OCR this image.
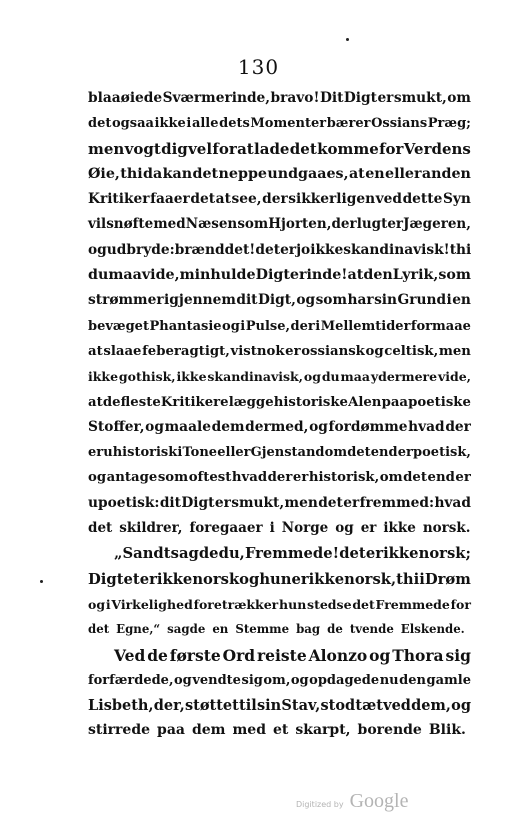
130
blaaøiede Sværmerinde, bravo! Dit Digt er smukt, om
det ogsaa ikke i alle dets Momenter bærer Ossians Præg;
men vogt dig vel for at lade det komme for Verdens
Øie, thi da kan det neppe undgaaes, at en eller anden
Kritiker faaer det at see, der sikkerligen ved dette Syn
vil snøfte med Næsen som Hjorten, der lugter Jægeren,
og udbryde: brænd det! det er jo ikke skandinavisk! thi
du maa vide, min hulde Digterinde! at den Lyrik, som
strømmer igjennem dit Digt, og som har sin Grund i en
bevæget Phantasie og i Pulse, der i Mellemtider formaae
at slaae feberagtigt, vistnok er ossiansk og celtisk, men
ikke gothisk, ikke skandinavisk, og du maa ydermere vide,
at de fleste Kritikere lægge historiske Alen paa poetiske
Stoffer, og maale dem dermed, og fordømme hvad der
er uhistorisk i Tone eller Gjenstand om det end er poetisk,
og antage som oftest hvad der er historisk, om det end er
upoetisk: dit Digt er smukt, men det er fremmed: hvad
det skildrer, foregaaer i Norge og er ikke norsk.
„Sandt sagde du, Fremmede! det er ikke norsk;
Digtet er ikke norsk og hun er ikke norsk, thi i Drøm
og i Virkelighed foretrækker hun stedse det Fremmede for
det Egne,“ sagde en Stemme bag de tvende Elskende.
Ved de første Ord reiste Alonzo og Thora sig
forfærdede, og vendte sig om, og opdagede nu den gamle
Lisbeth, der, støttet til sin Stav, stod tæt ved dem, og
stirrede paa dem med et skarpt, borende Blik.
Digitized by Google
